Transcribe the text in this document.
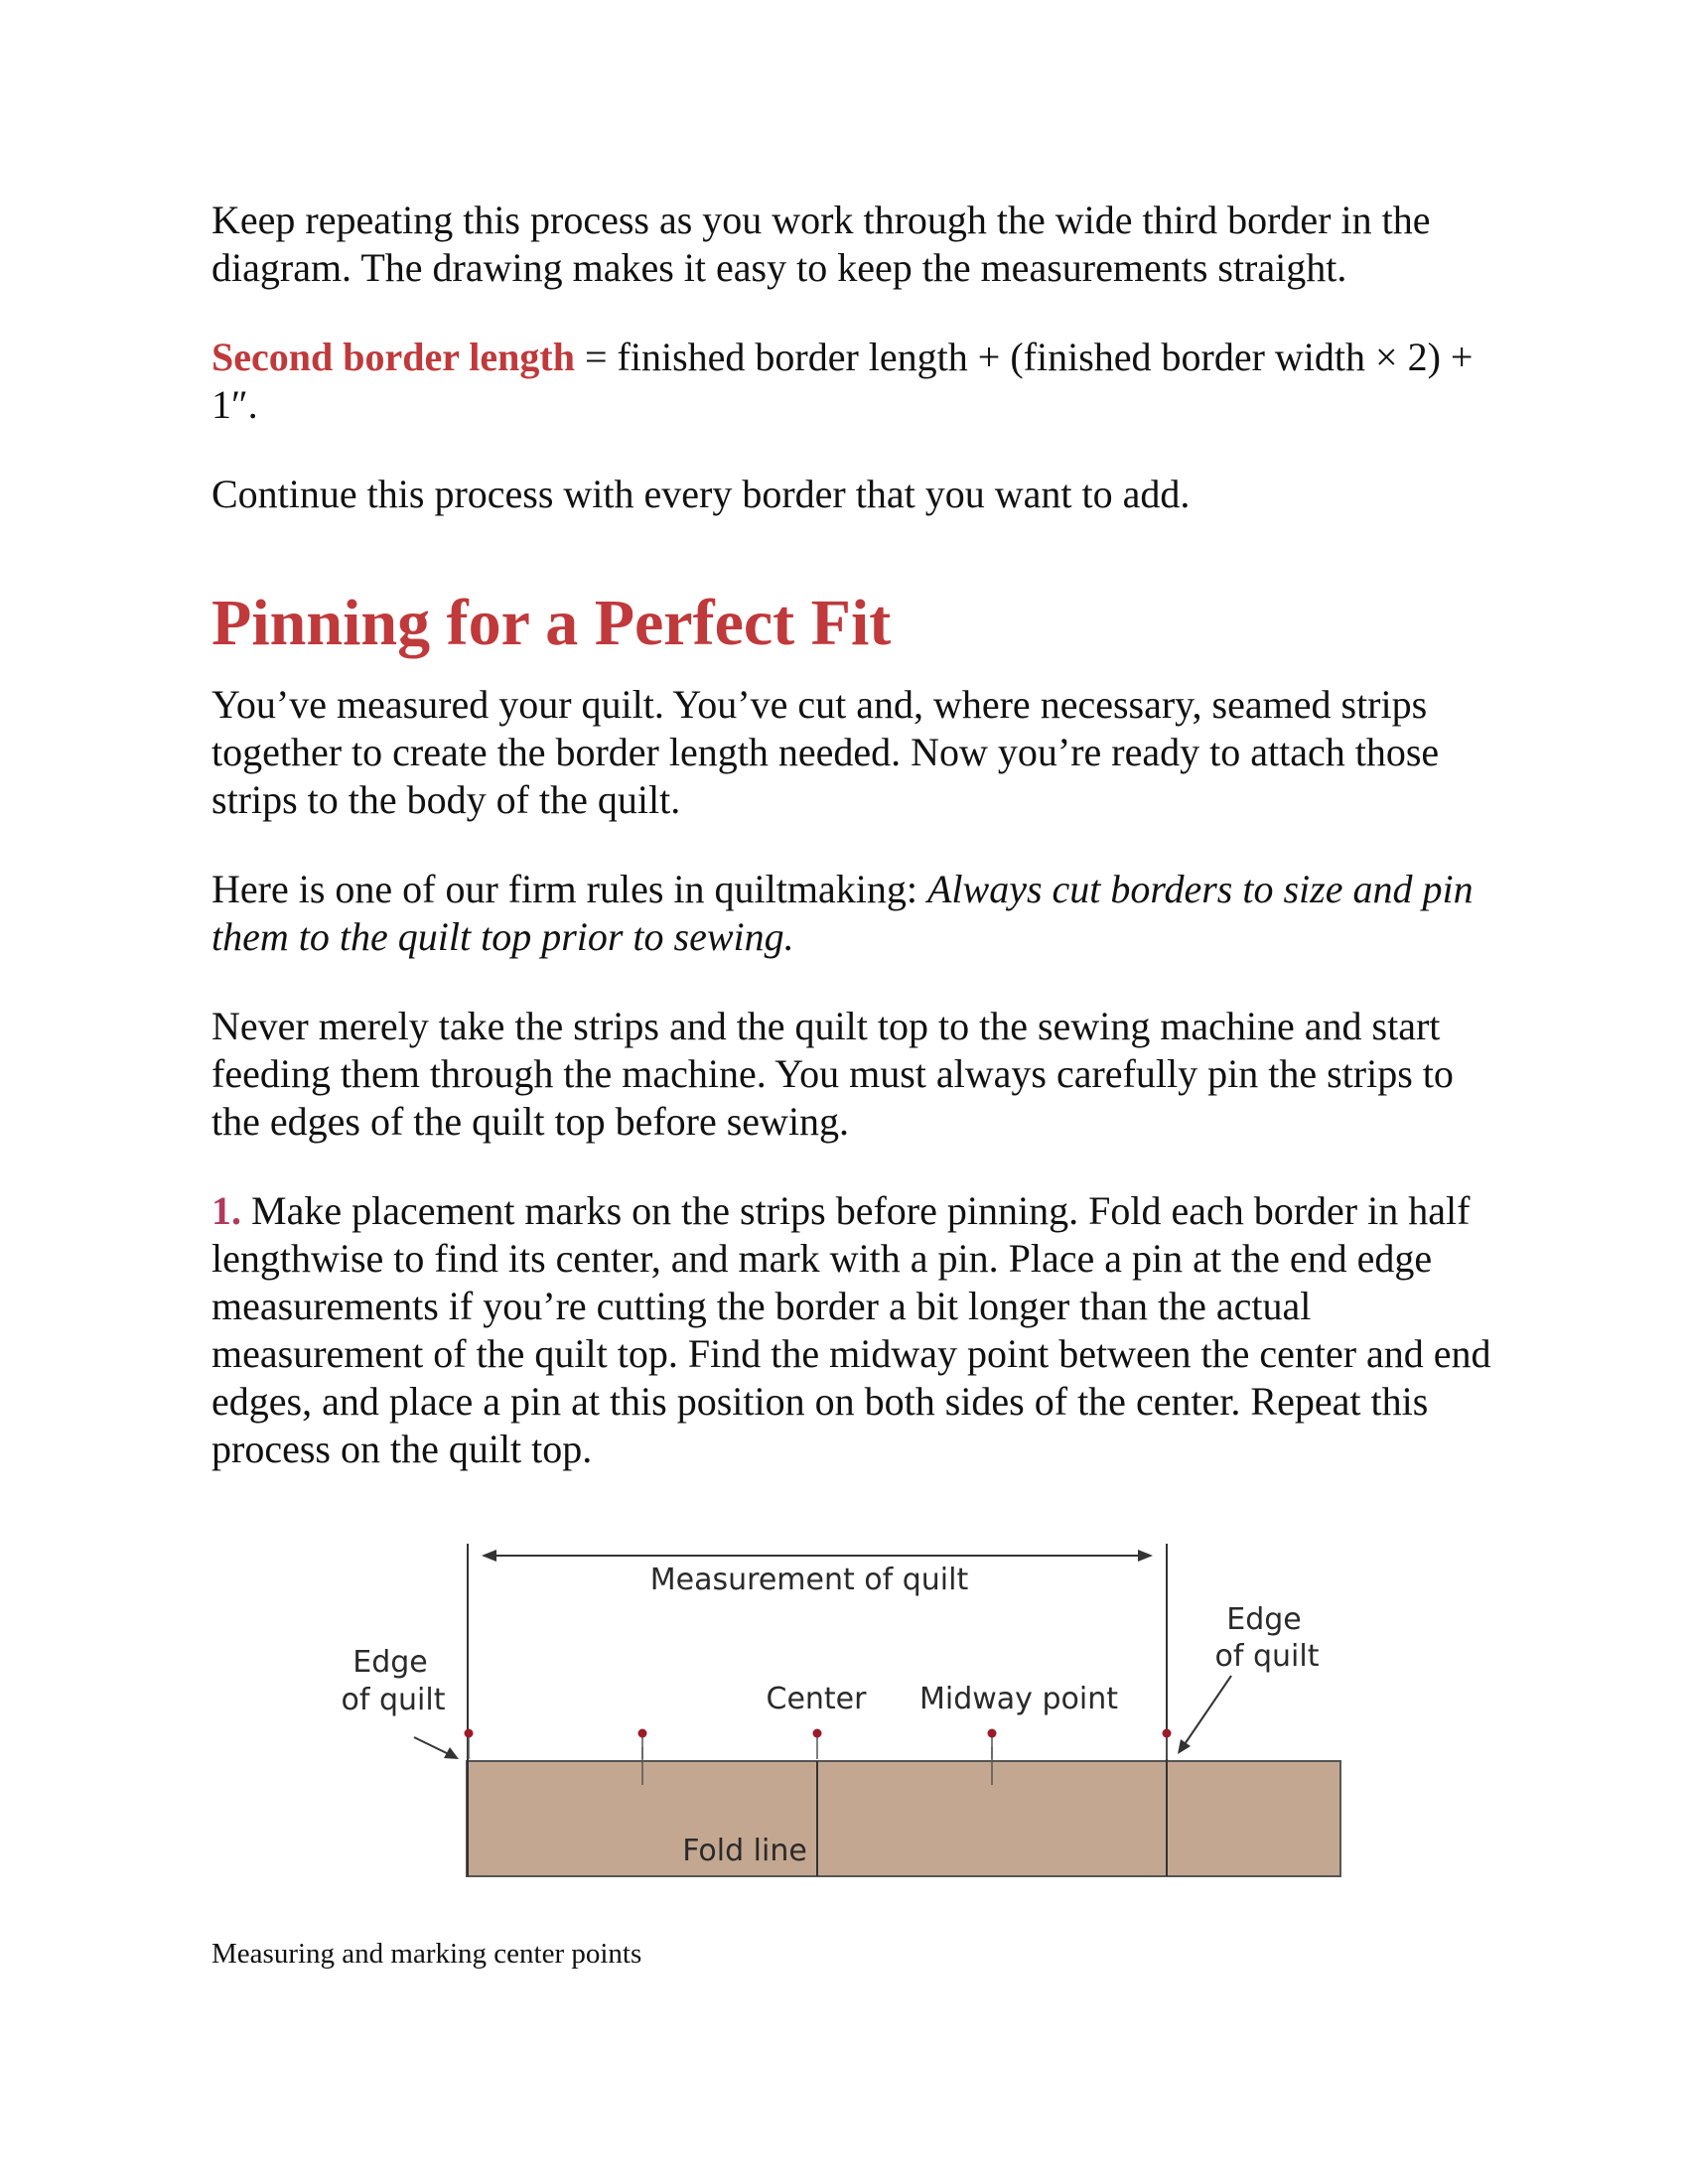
Keep repeating this process as you work through the wide third border in the diagram. The drawing makes it easy to keep the measurements straight.

Second border length = finished border length + (finished border width × 2) + 1″.

Continue this process with every border that you want to add.

Pinning for a Perfect Fit

You’ve measured your quilt. You’ve cut and, where necessary, seamed strips together to create the border length needed. Now you’re ready to attach those strips to the body of the quilt.

Here is one of our firm rules in quiltmaking: Always cut borders to size and pin them to the quilt top prior to sewing.

Never merely take the strips and the quilt top to the sewing machine and start feeding them through the machine. You must always carefully pin the strips to the edges of the quilt top before sewing.

1. Make placement marks on the strips before pinning. Fold each border in half lengthwise to find its center, and mark with a pin. Place a pin at the end edge measurements if you’re cutting the border a bit longer than the actual measurement of the quilt top. Find the midway point between the center and end edges, and place a pin at this position on both sides of the center. Repeat this process on the quilt top.

Measurement of quilt
Edge
of quilt
Edge
of quilt
Center Midway point
Fold line
Measuring and marking center points
